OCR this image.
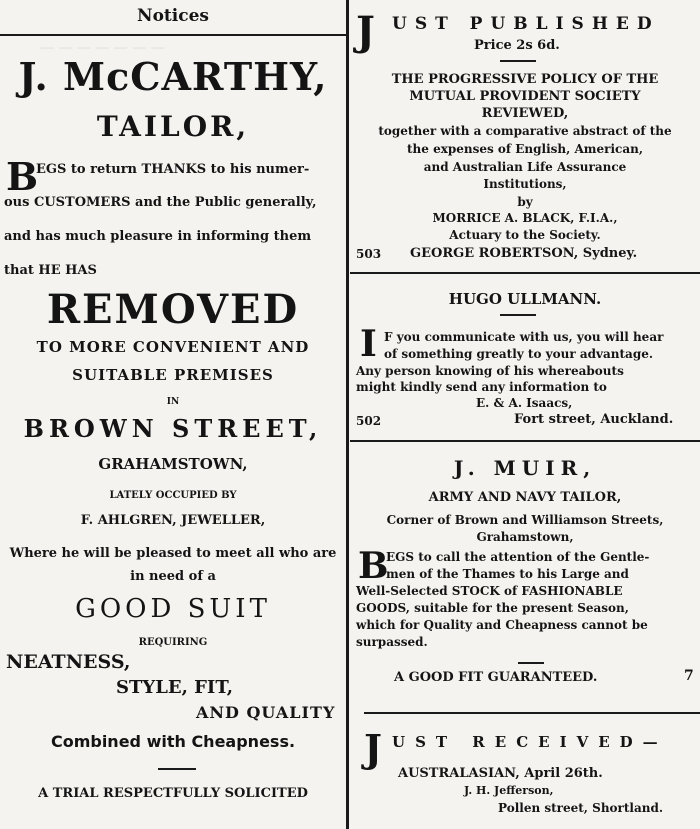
— — — — — — —
Notices
J. McCARTHY,
TAILOR,
B
EGS to return THANKS to his numer-
ous CUSTOMERS and the Public generally,
and has much pleasure in informing them
that HE HAS
REMOVED
TO MORE CONVENIENT AND
SUITABLE PREMISES
IN
BROWN STREET,
GRAHAMSTOWN,
LATELY OCCUPIED BY
F. AHLGREN, JEWELLER,
Where he will be pleased to meet all who are
in need of a
GOOD SUIT
REQUIRING
NEATNESS,
STYLE, FIT,
AND QUALITY
Combined with Cheapness.
A TRIAL RESPECTFULLY SOLICITED
J UST PUBLISHED
Price 2s 6d.
THE PROGRESSIVE POLICY OF THE
MUTUAL PROVIDENT SOCIETY
REVIEWED,
together with a comparative abstract of the
the expenses of English, American,
and Australian Life Assurance
Institutions,
by
MORRICE A. BLACK, F.I.A.,
Actuary to the Society.
503 GEORGE ROBERTSON, Sydney.
HUGO ULLMANN.
I F you communicate with us, you will hear
of something greatly to your advantage.
Any person knowing of his whereabouts
might kindly send any information to
E. & A. Isaacs,
502	Fort street, Auckland.
J. MUIR,
ARMY AND NAVY TAILOR,
Corner of Brown and Williamson Streets,
Grahamstown,
B
EGS to call the attention of the Gentle-
men of the Thames to his Large and
Well-Selected STOCK of FASHIONABLE
GOODS, suitable for the present Season,
which for Quality and Cheapness cannot be
surpassed.
A GOOD FIT GUARANTEED.	7
J UST RECEIVED—
AUSTRALASIAN, April 26th.
J. H. Jefferson,
Pollen street, Shortland.
